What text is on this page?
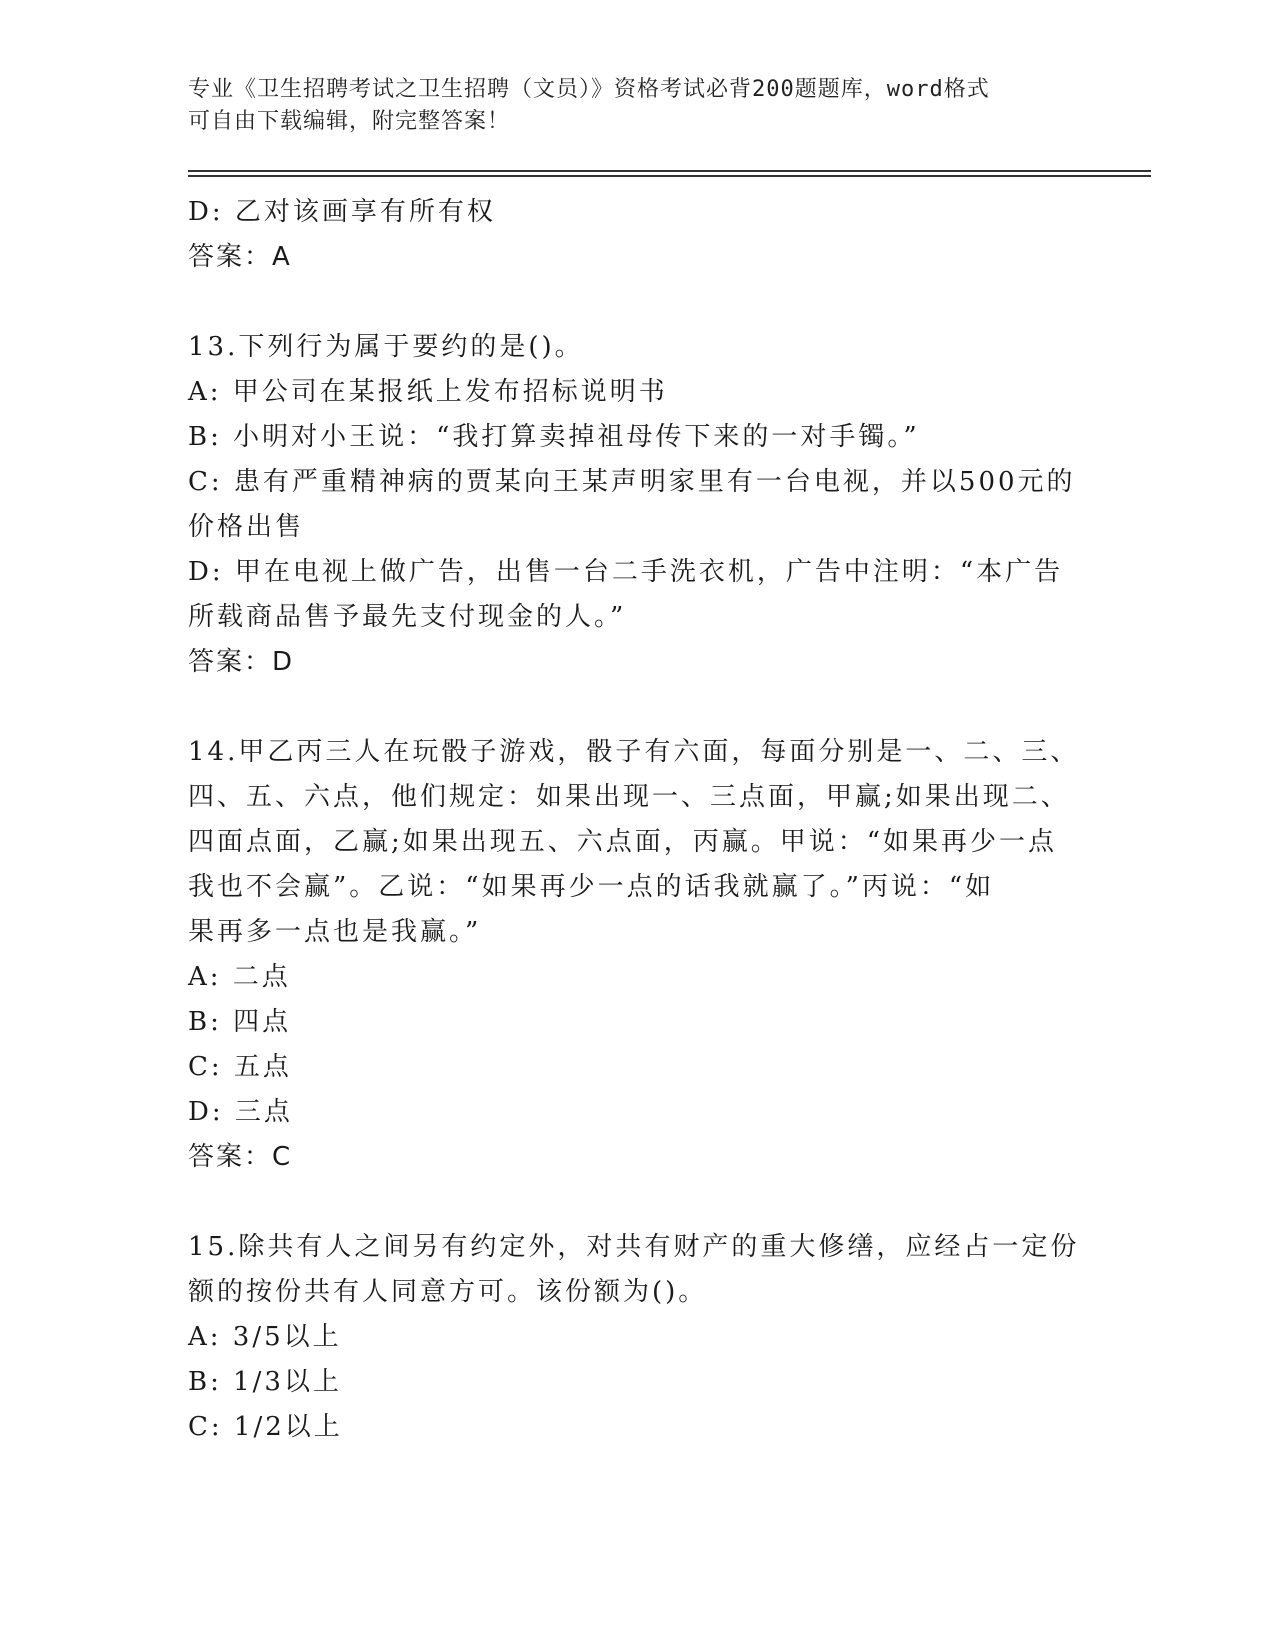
专业《卫生招聘考试之卫生招聘（文员）》资格考试必背200题题库，word格式
可自由下载编辑，附完整答案！
D: 乙对该画享有所有权
答案：A
13.下列行为属于要约的是()。
A: 甲公司在某报纸上发布招标说明书
B: 小明对小王说：“我打算卖掉祖母传下来的一对手镯。”
C: 患有严重精神病的贾某向王某声明家里有一台电视，并以500元的
价格出售
D: 甲在电视上做广告，出售一台二手洗衣机，广告中注明：“本广告
所载商品售予最先支付现金的人。”
答案：D
14.甲乙丙三人在玩骰子游戏，骰子有六面，每面分别是一、二、三、
四、五、六点，他们规定：如果出现一、三点面，甲赢;如果出现二、
四面点面，乙赢;如果出现五、六点面，丙赢。甲说：“如果再少一点
我也不会赢”。乙说：“如果再少一点的话我就赢了。”丙说：“如
果再多一点也是我赢。”
A: 二点
B: 四点
C: 五点
D: 三点
答案：C
15.除共有人之间另有约定外，对共有财产的重大修缮，应经占一定份
额的按份共有人同意方可。该份额为()。
A: 3/5以上
B: 1/3以上
C: 1/2以上
